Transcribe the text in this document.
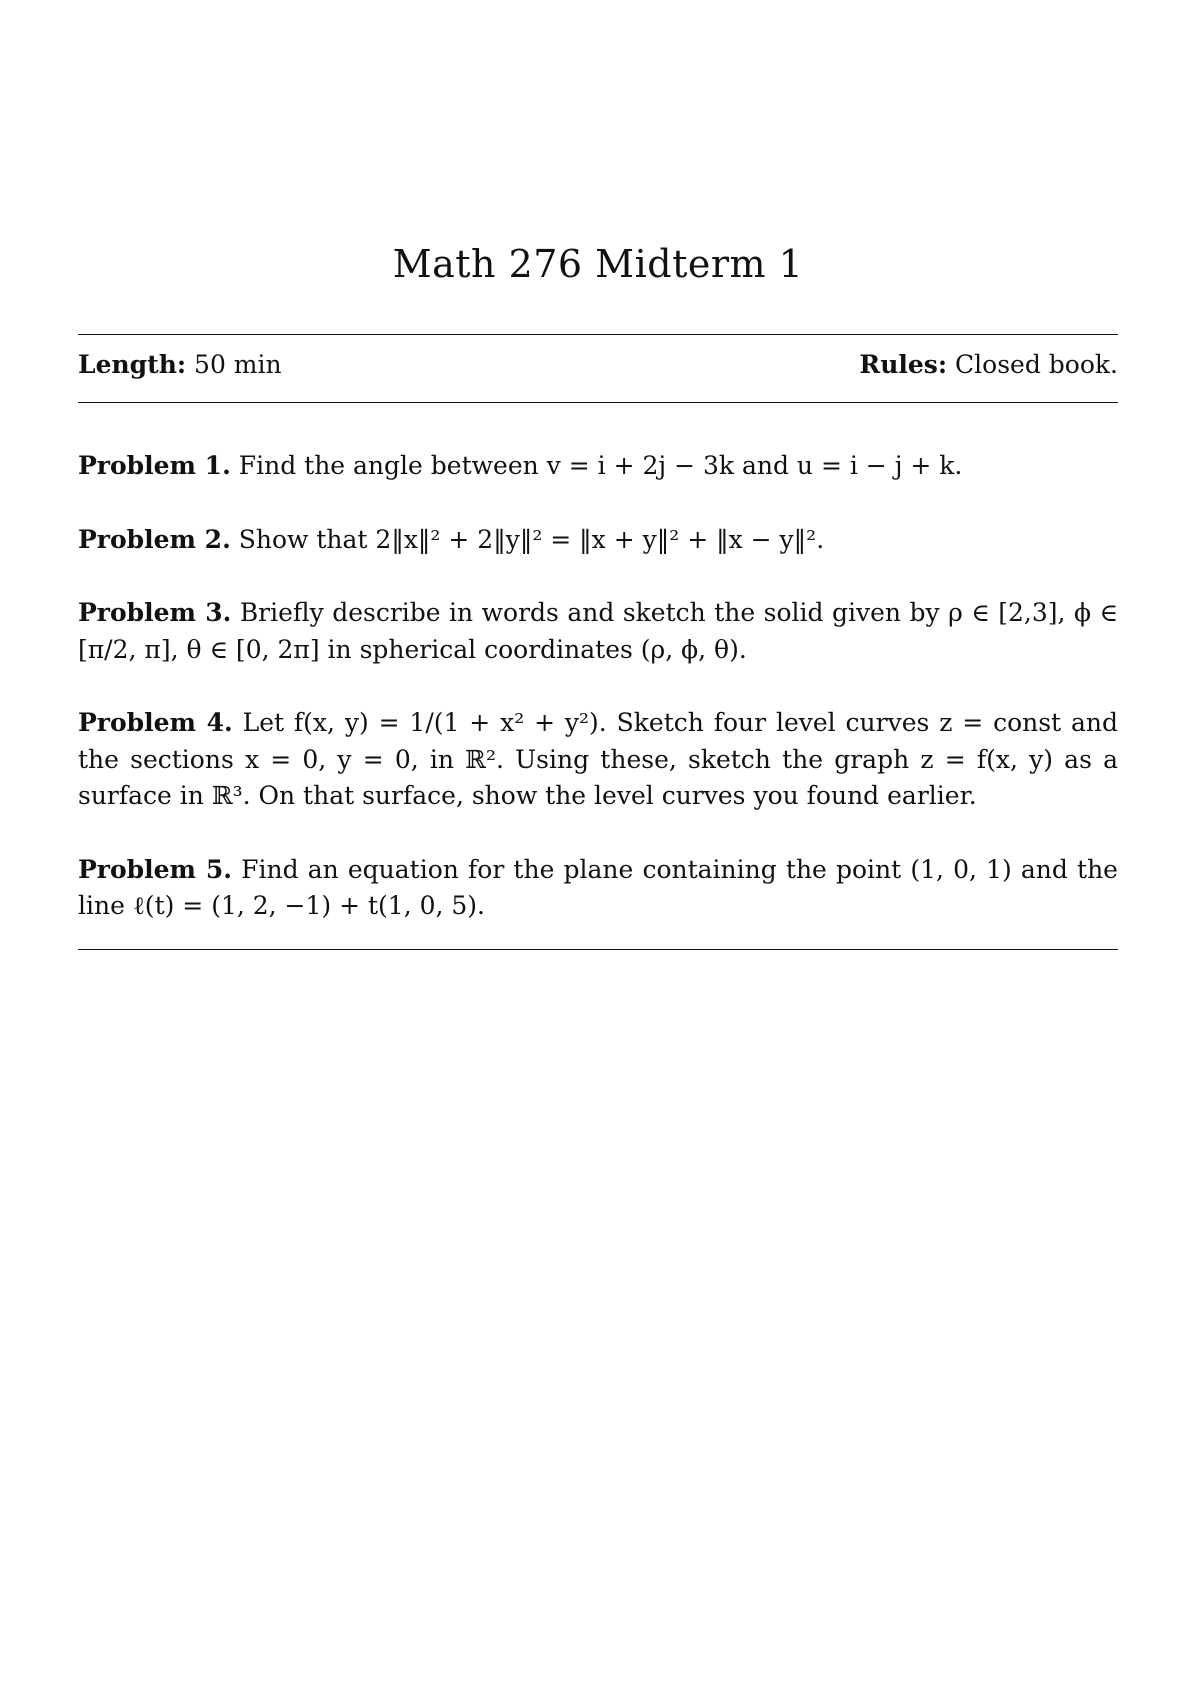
Math 276 Midterm 1
Length: 50 min	Rules: Closed book.

Problem 1. Find the angle between v = i + 2j − 3k and u = i − j + k.

Problem 2. Show that 2‖x‖² + 2‖y‖² = ‖x + y‖² + ‖x − y‖².

Problem 3. Briefly describe in words and sketch the solid given by ρ ∈ [2,3], ϕ ∈ [π/2, π], θ ∈ [0, 2π] in spherical coordinates (ρ, ϕ, θ).

Problem 4. Let f(x, y) = 1/(1 + x² + y²). Sketch four level curves z = const and the sections x = 0, y = 0, in ℝ². Using these, sketch the graph z = f(x, y) as a surface in ℝ³. On that surface, show the level curves you found earlier.

Problem 5. Find an equation for the plane containing the point (1, 0, 1) and the line ℓ(t) = (1, 2, −1) + t(1, 0, 5).
